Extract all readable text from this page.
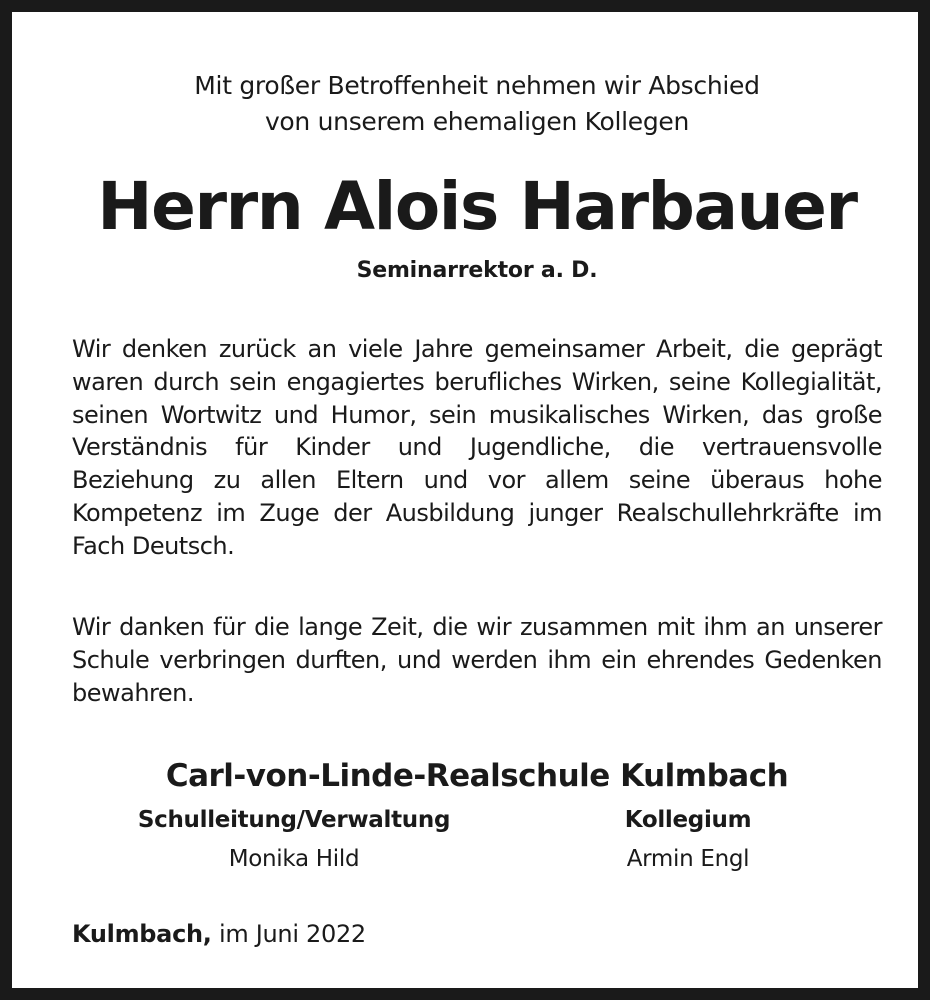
Mit großer Betroffenheit nehmen wir Abschied
von unserem ehemaligen Kollegen
Herrn Alois Harbauer
Seminarrektor a. D.

Wir denken zurück an viele Jahre gemeinsamer Arbeit, die geprägt waren durch sein engagiertes berufliches Wirken, seine Kollegialität, seinen Wortwitz und Humor, sein musikalisches Wirken, das große Verständnis für Kinder und Jugendliche, die vertrauensvolle Beziehung zu allen Eltern und vor allem seine überaus hohe Kompetenz im Zuge der Ausbildung junger Realschullehrkräfte im Fach Deutsch.

Wir danken für die lange Zeit, die wir zusammen mit ihm an unserer Schule verbringen durften, und werden ihm ein ehrendes Gedenken bewahren.

Carl-von-Linde-Realschule Kulmbach
Schulleitung/Verwaltung
Monika Hild
Kollegium
Armin Engl
Kulmbach, im Juni 2022
